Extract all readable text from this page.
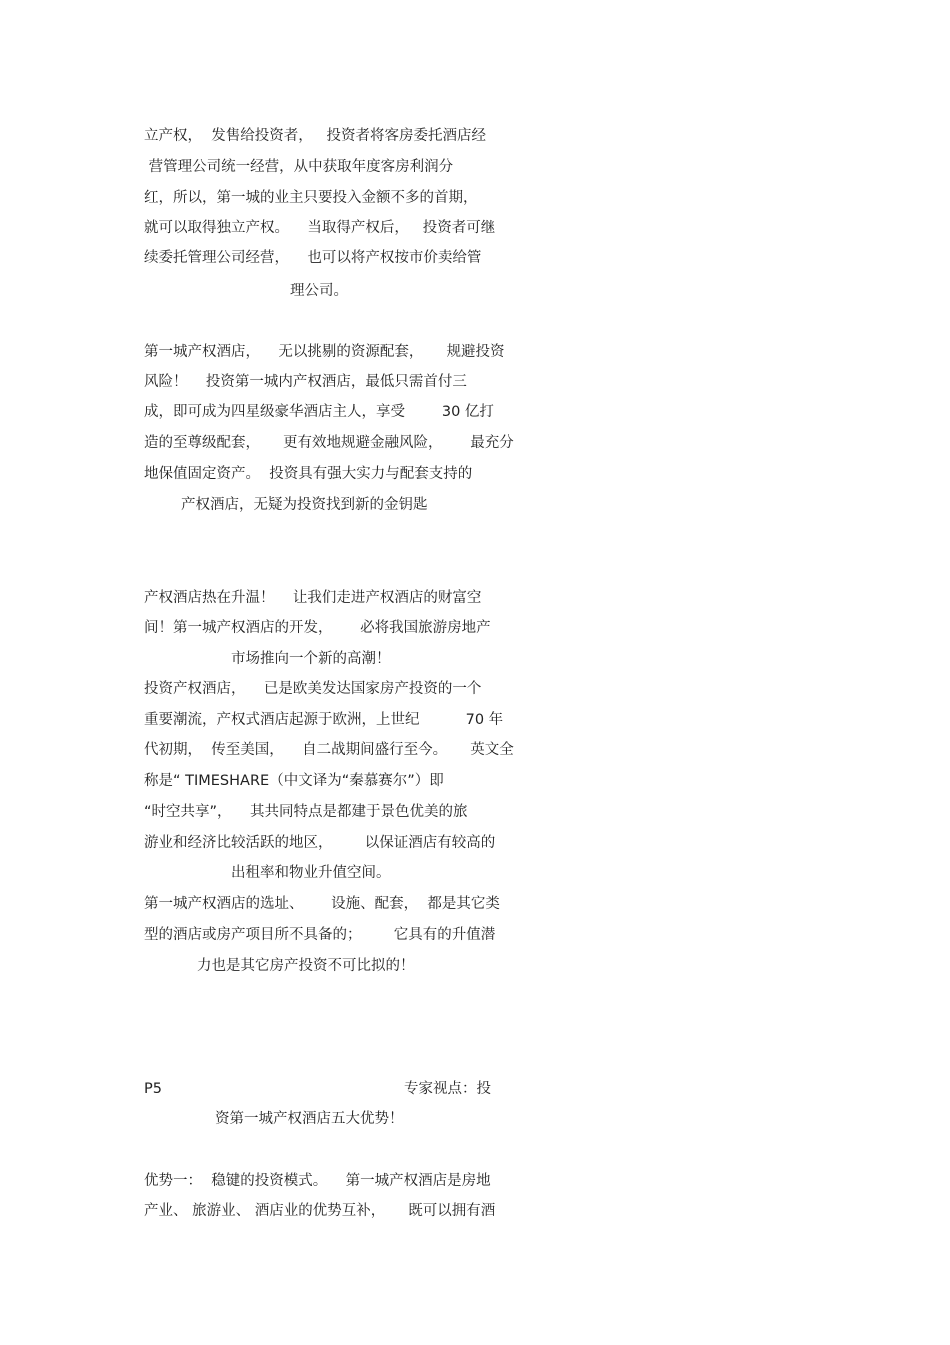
立产权，  发售给投资者，   投资者将客房委托酒店经
营管理公司统一经营，从中获取年度客房利润分
红，所以，第一城的业主只要投入金额不多的首期，
就可以取得独立产权。    当取得产权后，   投资者可继
续委托管理公司经营，    也可以将产权按市价卖给管
理公司。
第一城产权酒店，    无以挑剔的资源配套，     规避投资
风险！    投资第一城内产权酒店，最低只需首付三
成，即可成为四星级豪华酒店主人，享受        30 亿打
造的至尊级配套，     更有效地规避金融风险，      最充分
地保值固定资产。  投资具有强大实力与配套支持的
产权酒店，无疑为投资找到新的金钥匙
产权酒店热在升温！    让我们走进产权酒店的财富空
间！第一城产权酒店的开发，      必将我国旅游房地产
市场推向一个新的高潮！
投资产权酒店，    已是欧美发达国家房产投资的一个
重要潮流，产权式酒店起源于欧洲，上世纪          70 年
代初期，  传至美国，    自二战期间盛行至今。     英文全
称是“ TIMESHARE（中文译为“秦慕赛尔”）即
“时空共享”，    其共同特点是都建于景色优美的旅
游业和经济比较活跃的地区，       以保证酒店有较高的
出租率和物业升值空间。
第一城产权酒店的选址、      设施、配套，  都是其它类
型的酒店或房产项目所不具备的；       它具有的升值潜
力也是其它房产投资不可比拟的！
P5	专家视点：投
资第一城产权酒店五大优势！
优势一：  稳键的投资模式。    第一城产权酒店是房地
产业、 旅游业、 酒店业的优势互补，     既可以拥有酒
